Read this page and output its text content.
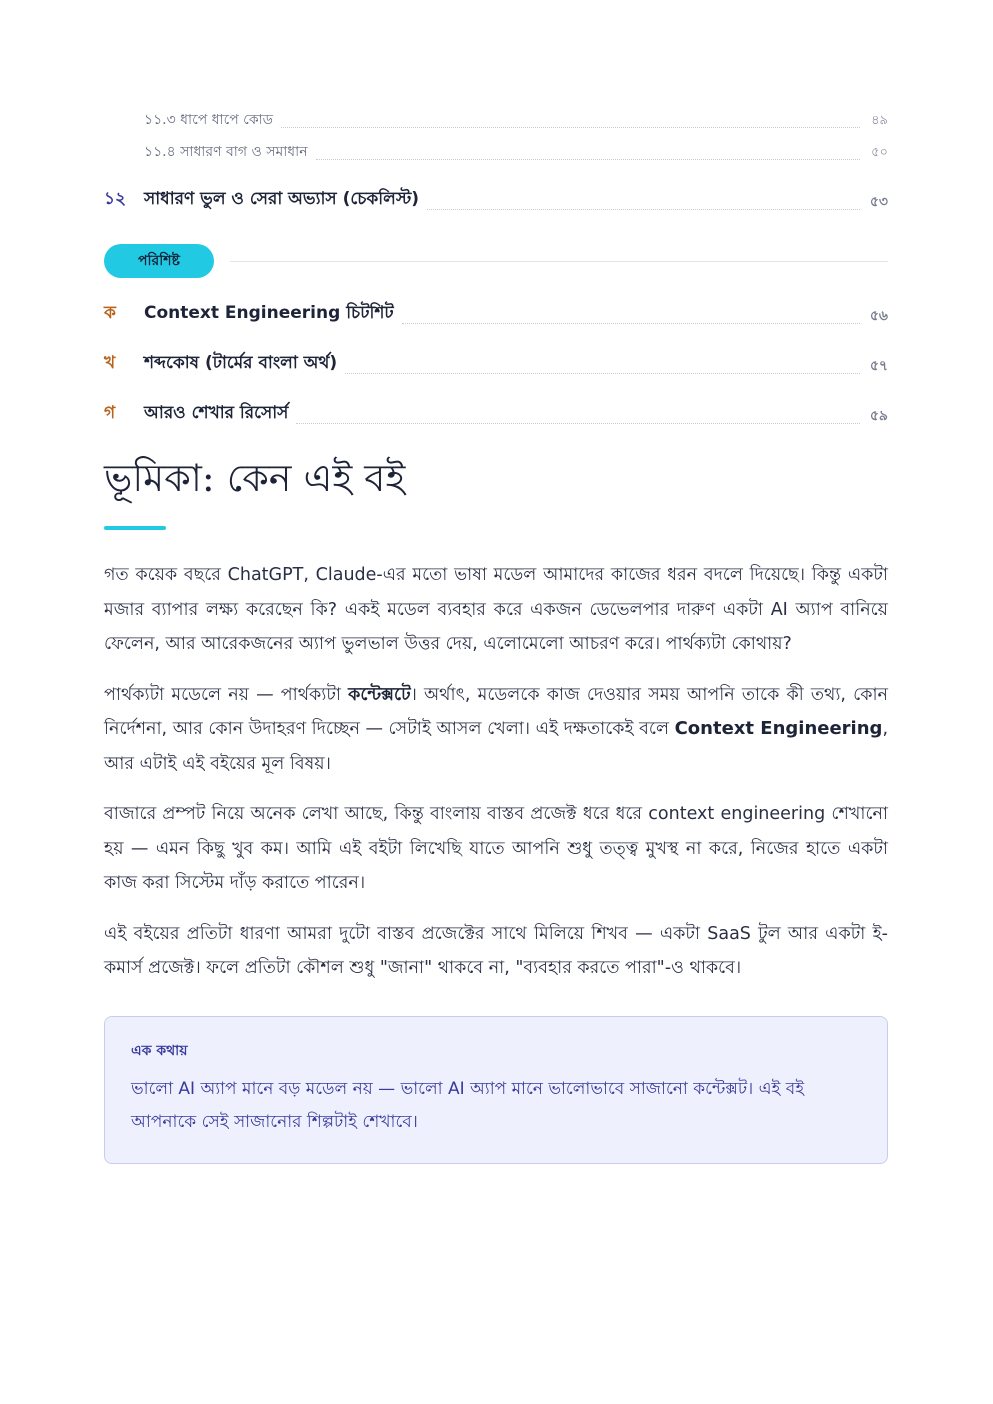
১১.৩ ধাপে ধাপে কোড	৪৯
১১.৪ সাধারণ বাগ ও সমাধান	৫০
১২	সাধারণ ভুল ও সেরা অভ্যাস (চেকলিস্ট)	৫৩
পরিশিষ্ট
ক	Context Engineering চিটশিট	৫৬
খ	শব্দকোষ (টার্মের বাংলা অর্থ)	৫৭
গ	আরও শেখার রিসোর্স	৫৯
ভূমিকা: কেন এই বই

গত কয়েক বছরে ChatGPT, Claude-এর মতো ভাষা মডেল আমাদের কাজের ধরন বদলে দিয়েছে। কিন্তু একটা মজার ব্যাপার লক্ষ্য করেছেন কি? একই মডেল ব্যবহার করে একজন ডেভেলপার দারুণ একটা AI অ্যাপ বানিয়ে ফেলেন, আর আরেকজনের অ্যাপ ভুলভাল উত্তর দেয়, এলোমেলো আচরণ করে। পার্থক্যটা কোথায়?

পার্থক্যটা মডেলে নয় — পার্থক্যটা কন্টেক্সটে। অর্থাৎ, মডেলকে কাজ দেওয়ার সময় আপনি তাকে কী তথ্য, কোন নির্দেশনা, আর কোন উদাহরণ দিচ্ছেন — সেটাই আসল খেলা। এই দক্ষতাকেই বলে Context Engineering, আর এটাই এই বইয়ের মূল বিষয়।

বাজারে প্রম্পট নিয়ে অনেক লেখা আছে, কিন্তু বাংলায় বাস্তব প্রজেক্ট ধরে ধরে context engineering শেখানো হয় — এমন কিছু খুব কম। আমি এই বইটা লিখেছি যাতে আপনি শুধু তত্ত্ব মুখস্থ না করে, নিজের হাতে একটা কাজ করা সিস্টেম দাঁড় করাতে পারেন।

এই বইয়ের প্রতিটা ধারণা আমরা দুটো বাস্তব প্রজেক্টের সাথে মিলিয়ে শিখব — একটা SaaS টুল আর একটা ই-কমার্স প্রজেক্ট। ফলে প্রতিটা কৌশল শুধু "জানা" থাকবে না, "ব্যবহার করতে পারা"-ও থাকবে।

এক কথায়

ভালো AI অ্যাপ মানে বড় মডেল নয় — ভালো AI অ্যাপ মানে ভালোভাবে সাজানো কন্টেক্সট। এই বই আপনাকে সেই সাজানোর শিল্পটাই শেখাবে।
